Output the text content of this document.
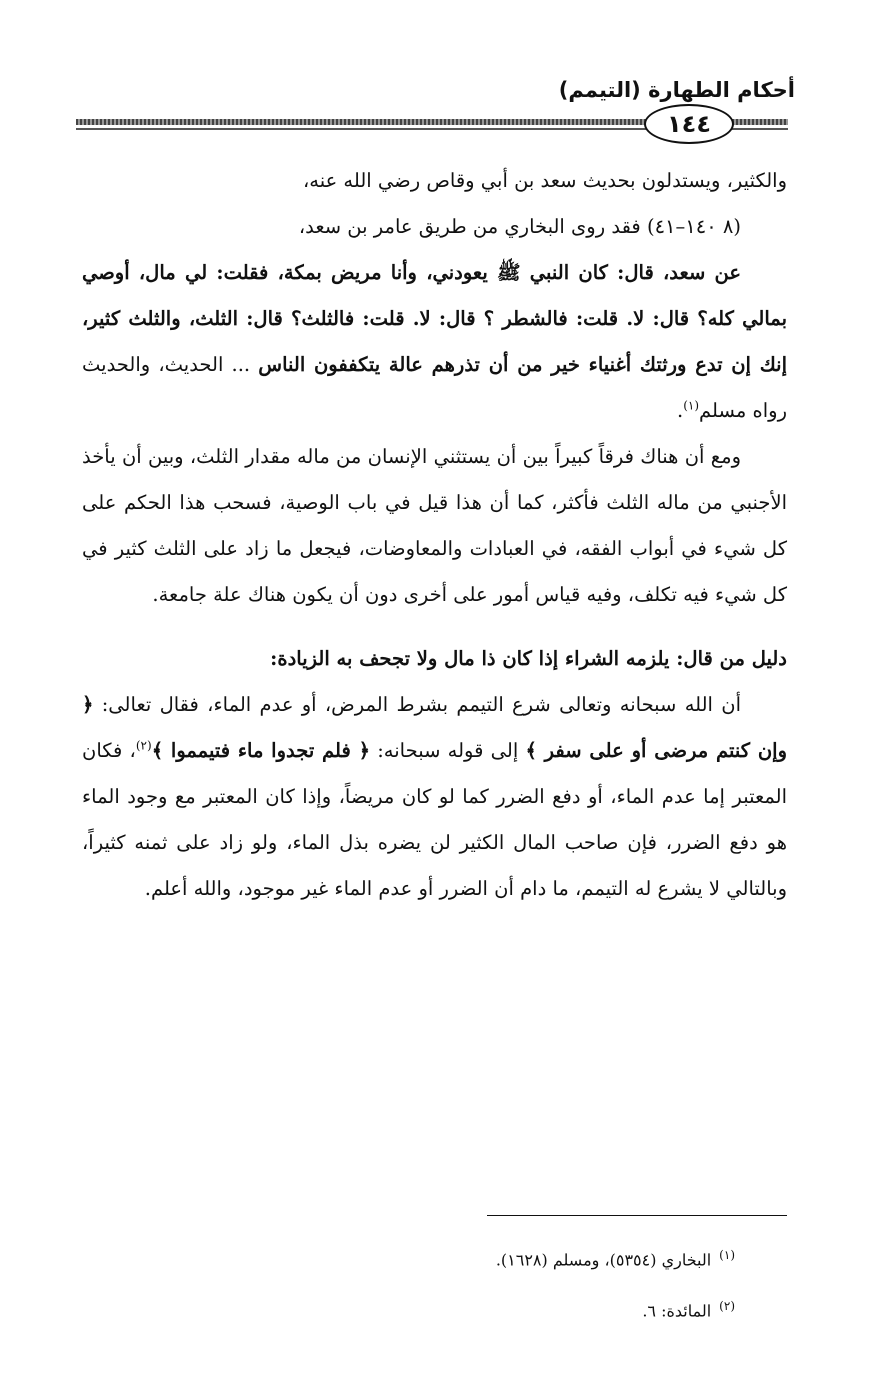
أحكام الطهارة (التيمم)
١٤٤

والكثير، ويستدلون بحديث سعد بن أبي وقاص رضي الله عنه،

(٨ ١٤٠–٤١) فقد روى البخاري من طريق عامر بن سعد،

عن سعد، قال: كان النبي ﷺ يعودني، وأنا مريض بمكة، فقلت: لي مال، أوصي بمالي كله؟ قال: لا. قلت: فالشطر ؟ قال: لا. قلت: فالثلث؟ قال: الثلث، والثلث كثير، إنك إن تدع ورثتك أغنياء خير من أن تذرهم عالة يتكففون الناس ... الحديث، والحديث رواه مسلم$^{(١)}$.

ومع أن هناك فرقاً كبيراً بين أن يستثني الإنسان من ماله مقدار الثلث، وبين أن يأخذ الأجنبي من ماله الثلث فأكثر، كما أن هذا قيل في باب الوصية، فسحب هذا الحكم على كل شيء في أبواب الفقه، في العبادات والمعاوضات، فيجعل ما زاد على الثلث كثير في كل شيء فيه تكلف، وفيه قياس أمور على أخرى دون أن يكون هناك علة جامعة.

دليل من قال: يلزمه الشراء إذا كان ذا مال ولا تجحف به الزيادة:

أن الله سبحانه وتعالى شرع التيمم بشرط المرض، أو عدم الماء، فقال تعالى: ﴿ وإن كنتم مرضى أو على سفر ﴾ إلى قوله سبحانه: ﴿ فلم تجدوا ماء فتيمموا ﴾$^{(٢)}$، فكان المعتبر إما عدم الماء، أو دفع الضرر كما لو كان مريضاً، وإذا كان المعتبر مع وجود الماء هو دفع الضرر، فإن صاحب المال الكثير لن يضره بذل الماء، ولو زاد على ثمنه كثيراً، وبالتالي لا يشرع له التيمم، ما دام أن الضرر أو عدم الماء غير موجود، والله أعلم.

$^{(١)}$البخاري (٥٣٥٤)، ومسلم (١٦٢٨).

$^{(٢)}$المائدة: ٦.
